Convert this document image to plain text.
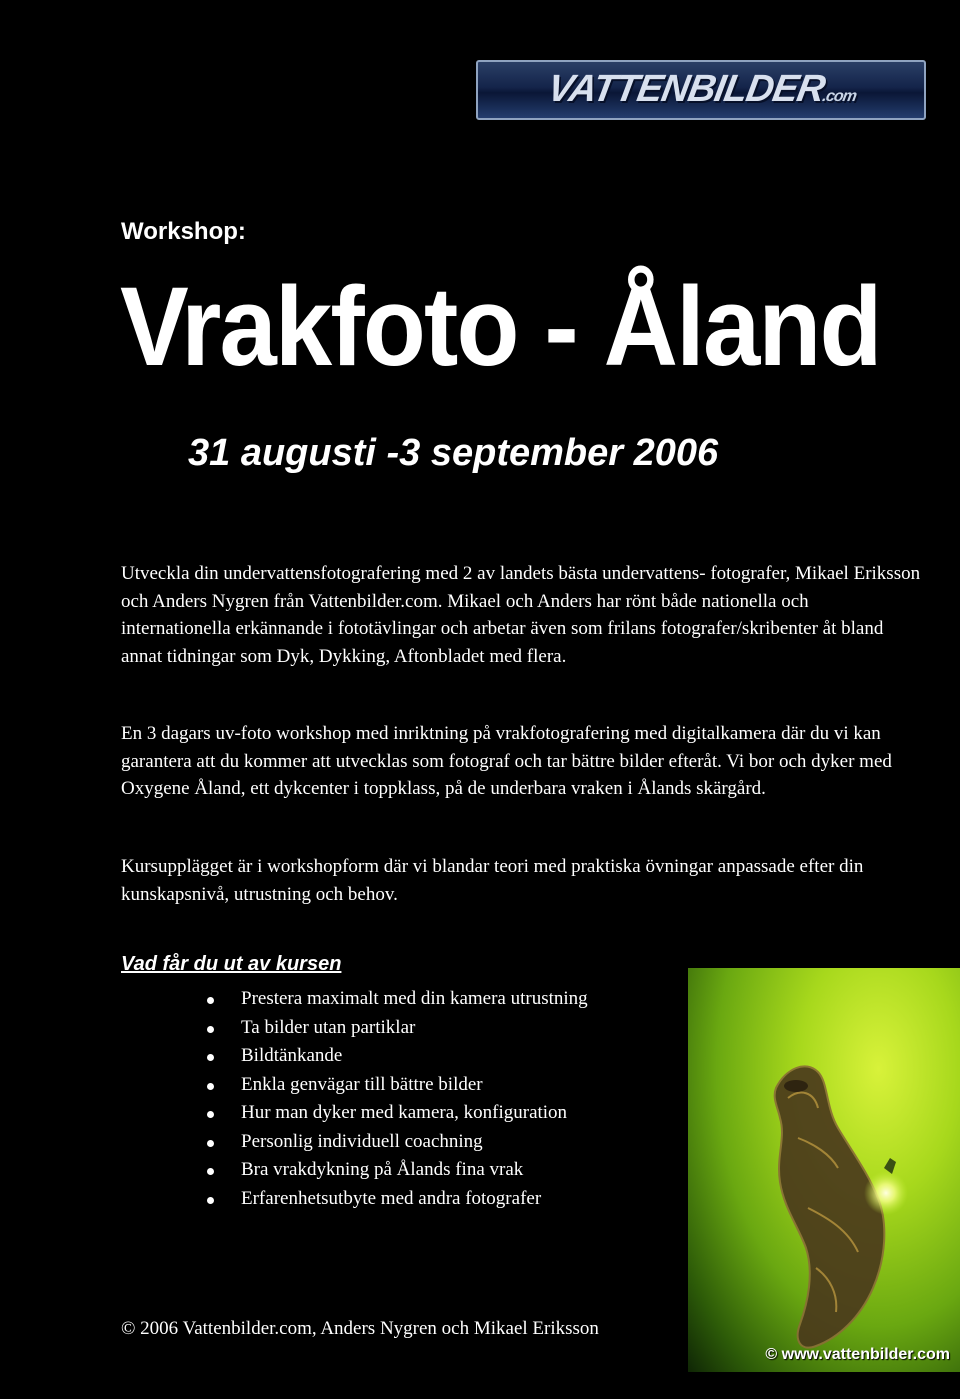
VATTENBILDER.com
Workshop:
Vrakfoto - Åland
31 augusti -3 september 2006
Utveckla din undervattensfotografering med 2 av landets bästa undervattens- fotografer, Mikael Eriksson och Anders Nygren från Vattenbilder.com. Mikael och Anders har rönt både nationella och internationella erkännande i fototävlingar och arbetar även som frilans fotografer/skribenter åt bland annat tidningar som Dyk, Dykking, Aftonbladet med flera.
En 3 dagars uv-foto workshop med inriktning på vrakfotografering med digitalkamera där du vi kan garantera att du kommer att utvecklas som fotograf och tar bättre bilder efteråt. Vi bor och dyker med Oxygene Åland, ett dykcenter i toppklass, på de underbara vraken i Ålands skärgård.
Kursupplägget är i workshopform där vi blandar teori med praktiska övningar anpassade efter din kunskapsnivå, utrustning och behov.
Vad får du ut av kursen
Prestera maximalt med din kamera utrustning
Ta bilder utan partiklar
Bildtänkande
Enkla genvägar till bättre bilder
Hur man dyker med kamera, konfiguration
Personlig individuell coachning
Bra vrakdykning på Ålands fina vrak
Erfarenhetsutbyte med andra fotografer
© www.vattenbilder.com
© 2006 Vattenbilder.com, Anders Nygren och Mikael Eriksson
